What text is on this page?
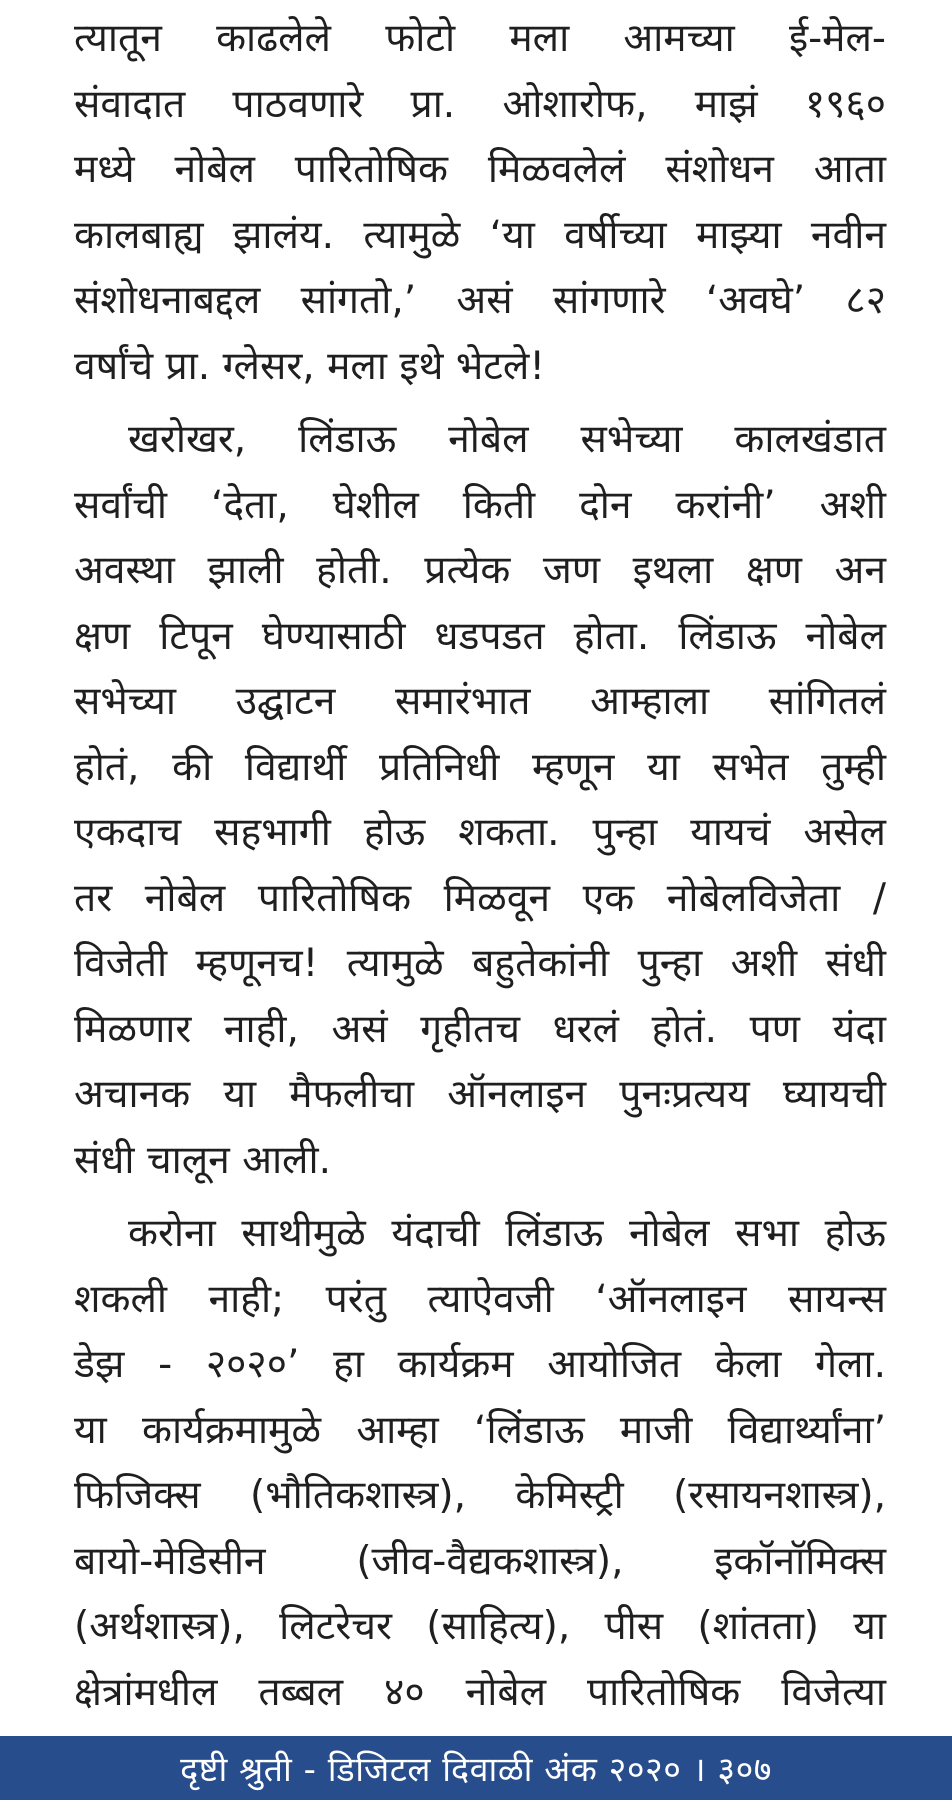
त्यातून काढलेले फोटो मला आमच्या ई-मेल-
संवादात पाठवणारे प्रा. ओशारोफ, माझं १९६०
मध्ये नोबेल पारितोषिक मिळवलेलं संशोधन आता
कालबाह्य झालंय. त्यामुळे ‘या वर्षीच्या माझ्या नवीन
संशोधनाबद्दल सांगतो,’ असं सांगणारे ‘अवघे’ ८२
वर्षांचे प्रा. ग्लेसर, मला इथे भेटले!

खरोखर, लिंडाऊ नोबेल सभेच्या कालखंडात
सर्वांची ‘देता, घेशील किती दोन करांनी’ अशी
अवस्था झाली होती. प्रत्येक जण इथला क्षण अन
क्षण टिपून घेण्यासाठी धडपडत होता. लिंडाऊ नोबेल
सभेच्या उद्घाटन समारंभात आम्हाला सांगितलं
होतं, की विद्यार्थी प्रतिनिधी म्हणून या सभेत तुम्ही
एकदाच सहभागी होऊ शकता. पुन्हा यायचं असेल
तर नोबेल पारितोषिक मिळवून एक नोबेलविजेता /
विजेती म्हणूनच! त्यामुळे बहुतेकांनी पुन्हा अशी संधी
मिळणार नाही, असं गृहीतच धरलं होतं. पण यंदा
अचानक या मैफलीचा ऑनलाइन पुनःप्रत्यय घ्यायची
संधी चालून आली.

करोना साथीमुळे यंदाची लिंडाऊ नोबेल सभा होऊ
शकली नाही; परंतु त्याऐवजी ‘ऑनलाइन सायन्स
डेझ - २०२०’ हा कार्यक्रम आयोजित केला गेला.
या कार्यक्रमामुळे आम्हा ‘लिंडाऊ माजी विद्यार्थ्यांना’
फिजिक्स (भौतिकशास्त्र), केमिस्ट्री (रसायनशास्त्र),
बायो-मेडिसीन (जीव-वैद्यकशास्त्र), इकॉनॉमिक्स
(अर्थशास्त्र), लिटरेचर (साहित्य), पीस (शांतता) या
क्षेत्रांमधील तब्बल ४० नोबेल पारितोषिक विजेत्या

दृष्टी श्रुती - डिजिटल दिवाळी अंक २०२० । ३०७
